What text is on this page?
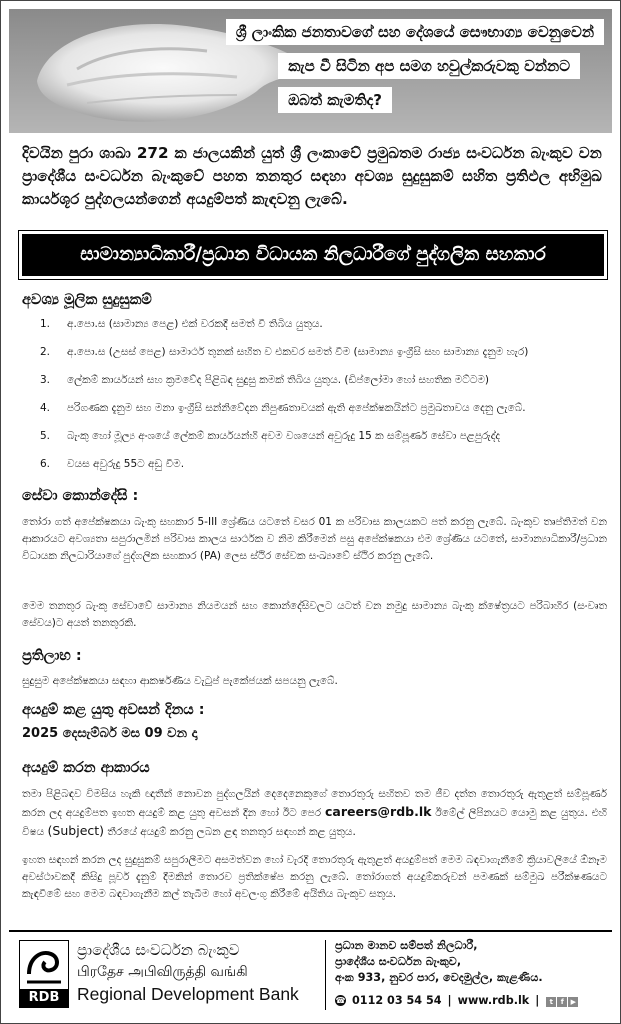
ශ්‍රී ලාංකික ජනතාවගේ සහ දේශයේ සෞභාග්‍ය වෙනුවෙන්
කැප වී සිටින අප සමග හවුල්කරුවකු වන්නට
ඔබත් කැමතිද?
දිවයින පුරා ශාඛා 272 ක ජාලයකින් යුත් ශ්‍රී ලංකාවේ ප්‍රමුඛතම රාජ්‍ය සංවර්ධන බැංකුව වන ප්‍රාදේශීය සංවර්ධන බැංකුවේ පහත තනතුර සඳහා අවශ්‍ය සුදුසුකම් සහිත ප්‍රතිඵල අභිමුඛ කාර්යශූර පුද්ගලයන්ගෙන් අයදුම්පත් කැඳවනු ලැබේ.
සාමාන්‍යාධිකාරී/ප්‍රධාන විධායක නිලධාරීගේ පුද්ගලික සහකාර
අවශ්‍ය මූලික සුදුසුකම්
1.	අ.පො.ස (සාමාන්‍ය පෙළ) එක් වරකදී සමත් වී තිබිය යුතුය.
2.	අ.පො.ස (උසස් පෙළ) සාමාර්ථ තුනක් සහිත ව එකවර සමත් වීම (සාමාන්‍ය ඉංග්‍රීසි සහ සාමාන්‍ය දැනුම හැර)
3.	ලේකම් කාර්යයන් සහ ක්‍රමවේද පිළිබඳ සුදුසු කමක් තිබිය යුතුය. (ඩිප්ලෝමා හෝ සහතික මට්ටම)
4.	පරිගණක දැනුම සහ මනා ඉංග්‍රීසි සන්නිවේදන නිපුණතාවයක් ඇති අපේක්ෂකයින්ට ප්‍රමුඛතාවය දෙනු ලැබේ.
5.	බැංකු හෝ මූල්‍ය අංශයේ ලේකම් කාර්යයන්හි අවම වශයෙන් අවුරුදු 15 ක සම්පූර්ණ සේවා පළපුරුද්ද
6.	වයස අවුරුදු 55ට අඩු වීම.
සේවා කොන්දේසි :
තෝරා ගත් අපේක්ෂකයා බැංකු සහකාර 5-III ශ්‍රේණිය යටතේ වසර 01 ක පරිවාස කාලයකට පත් කරනු ලැබේ. බැංකුව තෘප්තිමත් වන ආකාරයට අවශ්‍යතා සපුරාලමින් පරිවාස කාලය සාර්ථක ව නිම කිරීමෙන් පසු අපේක්ෂකයා එම ශ්‍රේණිය යටතේ, සාමාන්‍යාධිකාරී/ප්‍රධාන විධායක නිලධාරියාගේ පුද්ගලික සහකාර (PA) ලෙස ස්ථිර සේවක සංඛ්‍යාවේ ස්ථිර කරනු ලැබේ.
මෙම තනතුර බැංකු සේවාවේ සාමාන්‍ය නියමයන් සහ කොන්දේසිවලට යටත් වන නමුදු සාමාන්‍ය බැංකු ක්ෂේත්‍රයට පරිබාහිර (සංවෘත සේවය)ට අයත් තනතුරකි.
ප්‍රතිලාභ :
සුදුසුම අපේක්ෂකයා සඳහා ආකර්ෂණීය වැටුප් පැකේජයක් සපයනු ලැබේ.
අයදුම් කළ යුතු අවසන් දිනය :
2025 දෙසැම්බර් මස 09 වන දා
අයදුම් කරන ආකාරය
තමා පිළිබඳව විමසිය හැකි ඥාතීන් නොවන පුද්ගලයින් දෙදෙනෙකුගේ තොරතුරු සහිතව තම ජීව දත්ත තොරතුරු ඇතුළත් සම්පූර්ණ කරන ලද අයදුම්පත ඉහත අයදුම් කළ යුතු අවසන් දින හෝ ඊට පෙර careers@rdb.lk ඊමේල් ලිපිනයට යොමු කළ යුතුය. එහි විෂය (Subject) තීරයේ අයදුම් කරනු ලබන ළඳ තනතුර සඳහන් කළ යුතුය.
ඉහත සඳහන් කරන ලද සුදුසුකම් සපුරාලීමට අසමත්වන හෝ වැරදි තොරතුරු ඇතුළත් අයදුම්පත් මෙම බඳවාගැනීමේ ක්‍රියාවලියේ ඕනෑම අවස්ථාවකදී කිසිදු පූර්ව දැනුම් දීමකින් තොරව ප්‍රතික්ෂේප කරනු ලැබේ. තෝරාගත් අයදුම්කරුවන් පමණක් සම්මුඛ පරීක්ෂණයට කැඳවීමේ සහ මෙම බඳවාගැනීම කල් තැබීම හෝ අවලංගු කිරීමේ අයිතිය බැංකුව සතුය.
RDB
ප්‍රාදේශීය සංවර්ධන බැංකුව
பிரதேச அபிவிருத்தி வங்கி
Regional Development Bank
ප්‍රධාන මානව සම්පත් නිලධාරී,
ප්‍රාදේශීය සංවර්ධන බැංකුව,
අංක 933, නුවර පාර, වෙදමුල්ල, කැළණිය.
☎ 0112 03 54 54 | www.rdb.lk |	t f ▶
